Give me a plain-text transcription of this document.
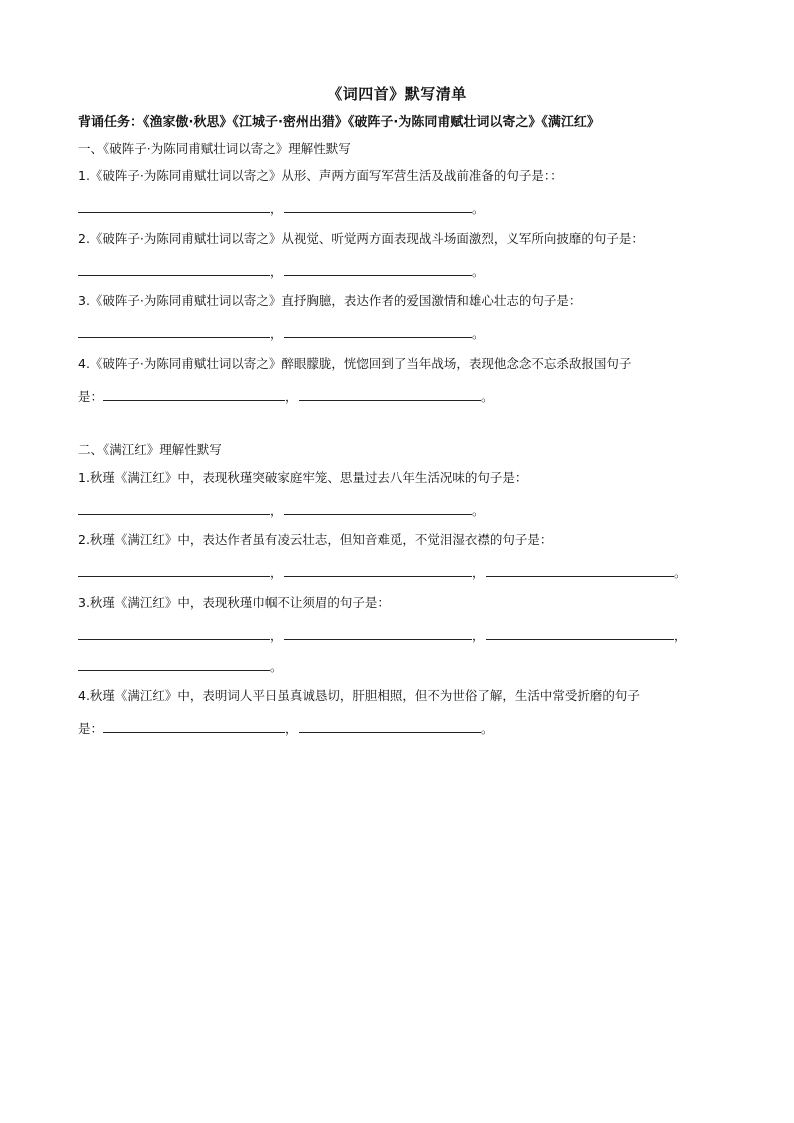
《词四首》默写清单
背诵任务：《渔家傲·秋思》《江城子·密州出猎》《破阵子·为陈同甫赋壮词以寄之》《满江红》
一、《破阵子·为陈同甫赋壮词以寄之》理解性默写
1.《破阵子·为陈同甫赋壮词以寄之》从形、声两方面写军营生活及战前准备的句子是：：
，	。
2.《破阵子·为陈同甫赋壮词以寄之》从视觉、听觉两方面表现战斗场面激烈，义军所向披靡的句子是：
，	。
3.《破阵子·为陈同甫赋壮词以寄之》直抒胸臆，表达作者的爱国激情和雄心壮志的句子是：
，	。
4.《破阵子·为陈同甫赋壮词以寄之》醉眼朦胧，恍惚回到了当年战场，表现他念念不忘杀敌报国句子
是：	，	。
二、《满江红》理解性默写
1.秋瑾《满江红》中，表现秋瑾突破家庭牢笼、思量过去八年生活况味的句子是：
，	。
2.秋瑾《满江红》中，表达作者虽有凌云壮志，但知音难觅，不觉泪湿衣襟的句子是：
，	，	。
3.秋瑾《满江红》中，表现秋瑾巾帼不让须眉的句子是：
，	，	，
。
4.秋瑾《满江红》中，表明词人平日虽真诚恳切，肝胆相照，但不为世俗了解，生活中常受折磨的句子
是：	，	。
